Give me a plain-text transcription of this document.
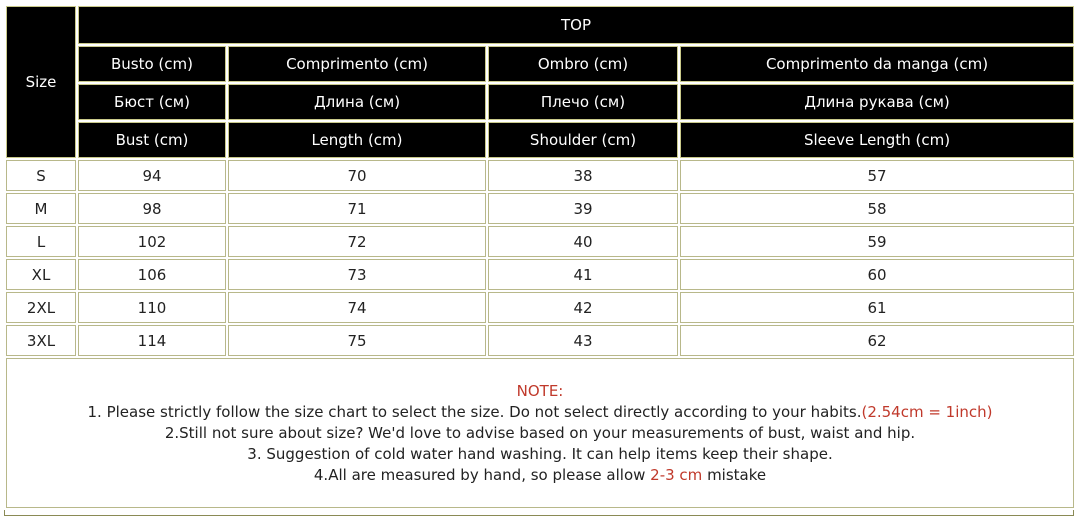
Size	TOP			
	Busto (cm)	Comprimento (cm)	Ombro (cm)	Comprimento da manga (cm)
	Бюст (см)	Длина (см)	Плечо (см)	Длина рукава (см)
	Bust (cm)	Length (cm)	Shoulder (cm)	Sleeve Length (cm)
S	94	70	38	57
M	98	71	39	58
L	102	72	40	59
XL	106	73	41	60
2XL	110	74	42	61
3XL	114	75	43	62

NOTE:
1. Please strictly follow the size chart to select the size. Do not select directly according to your habits.(2.54cm = 1inch)
2.Still not sure about size? We'd love to advise based on your measurements of bust, waist and hip.
3. Suggestion of cold water hand washing. It can help items keep their shape.
4.All are measured by hand, so please allow 2-3 cm mistake				
